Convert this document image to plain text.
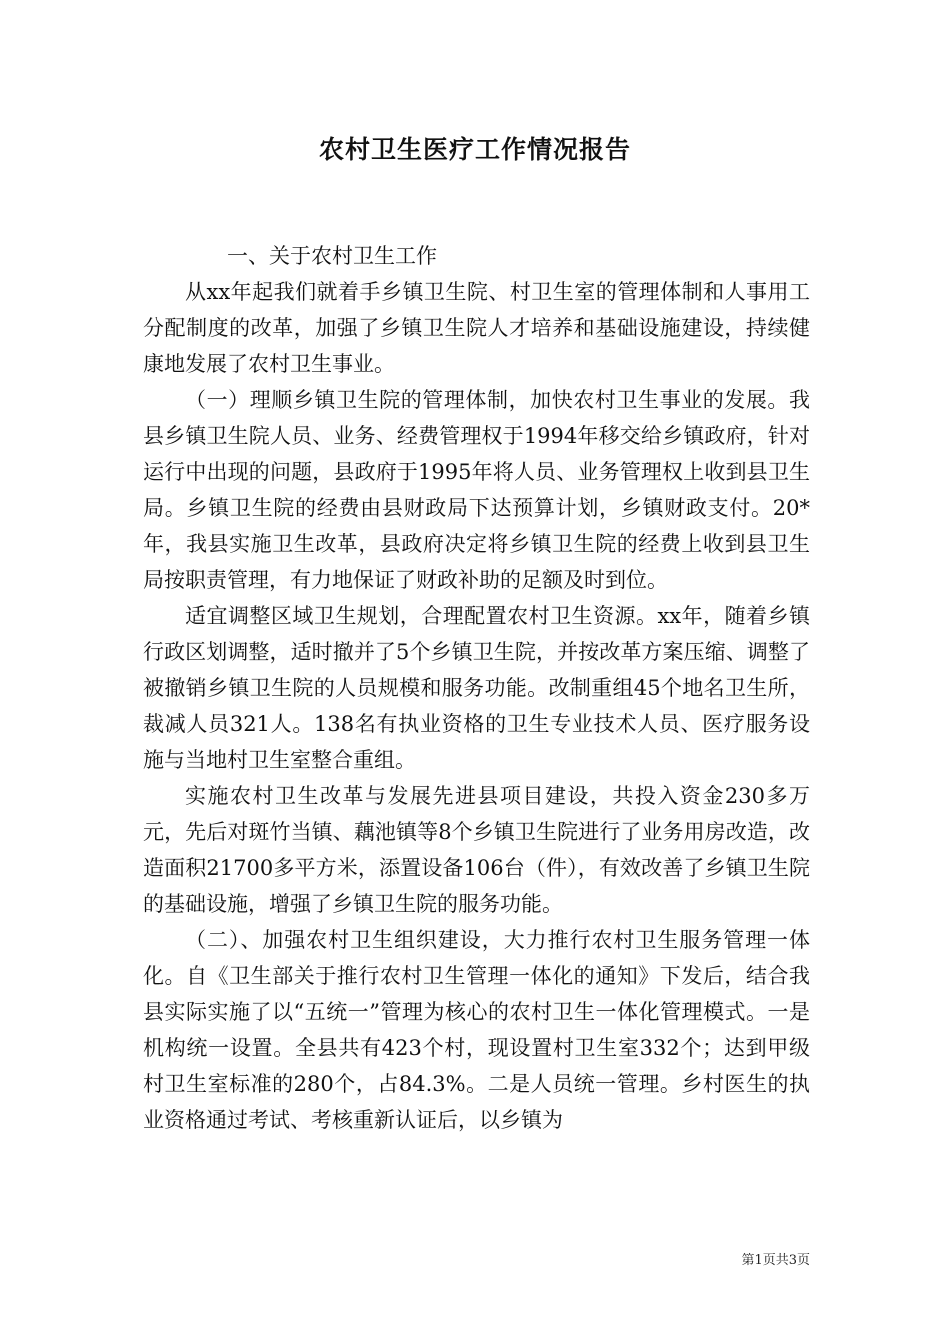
农村卫生医疗工作情况报告

一、关于农村卫生工作

从xx年起我们就着手乡镇卫生院、村卫生室的管理体制和人事用工分配制度的改革，加强了乡镇卫生院人才培养和基础设施建设，持续健康地发展了农村卫生事业。

（一）理顺乡镇卫生院的管理体制，加快农村卫生事业的发展。我县乡镇卫生院人员、业务、经费管理权于1994年移交给乡镇政府，针对运行中出现的问题，县政府于1995年将人员、业务管理权上收到县卫生局。乡镇卫生院的经费由县财政局下达预算计划，乡镇财政支付。20*年，我县实施卫生改革，县政府决定将乡镇卫生院的经费上收到县卫生局按职责管理，有力地保证了财政补助的足额及时到位。

适宜调整区域卫生规划，合理配置农村卫生资源。xx年，随着乡镇行政区划调整，适时撤并了5个乡镇卫生院，并按改革方案压缩、调整了被撤销乡镇卫生院的人员规模和服务功能。改制重组45个地名卫生所，裁减人员321人。138名有执业资格的卫生专业技术人员、医疗服务设施与当地村卫生室整合重组。

实施农村卫生改革与发展先进县项目建设，共投入资金230多万元，先后对斑竹当镇、藕池镇等8个乡镇卫生院进行了业务用房改造，改造面积21700多平方米，添置设备106台（件），有效改善了乡镇卫生院的基础设施，增强了乡镇卫生院的服务功能。

（二）、加强农村卫生组织建设，大力推行农村卫生服务管理一体化。自《卫生部关于推行农村卫生管理一体化的通知》下发后，结合我县实际实施了以“五统一”管理为核心的农村卫生一体化管理模式。一是机构统一设置。全县共有423个村，现设置村卫生室332个；达到甲级村卫生室标准的280个，占84.3%。二是人员统一管理。乡村医生的执业资格通过考试、考核重新认证后，以乡镇为

第1页共3页
